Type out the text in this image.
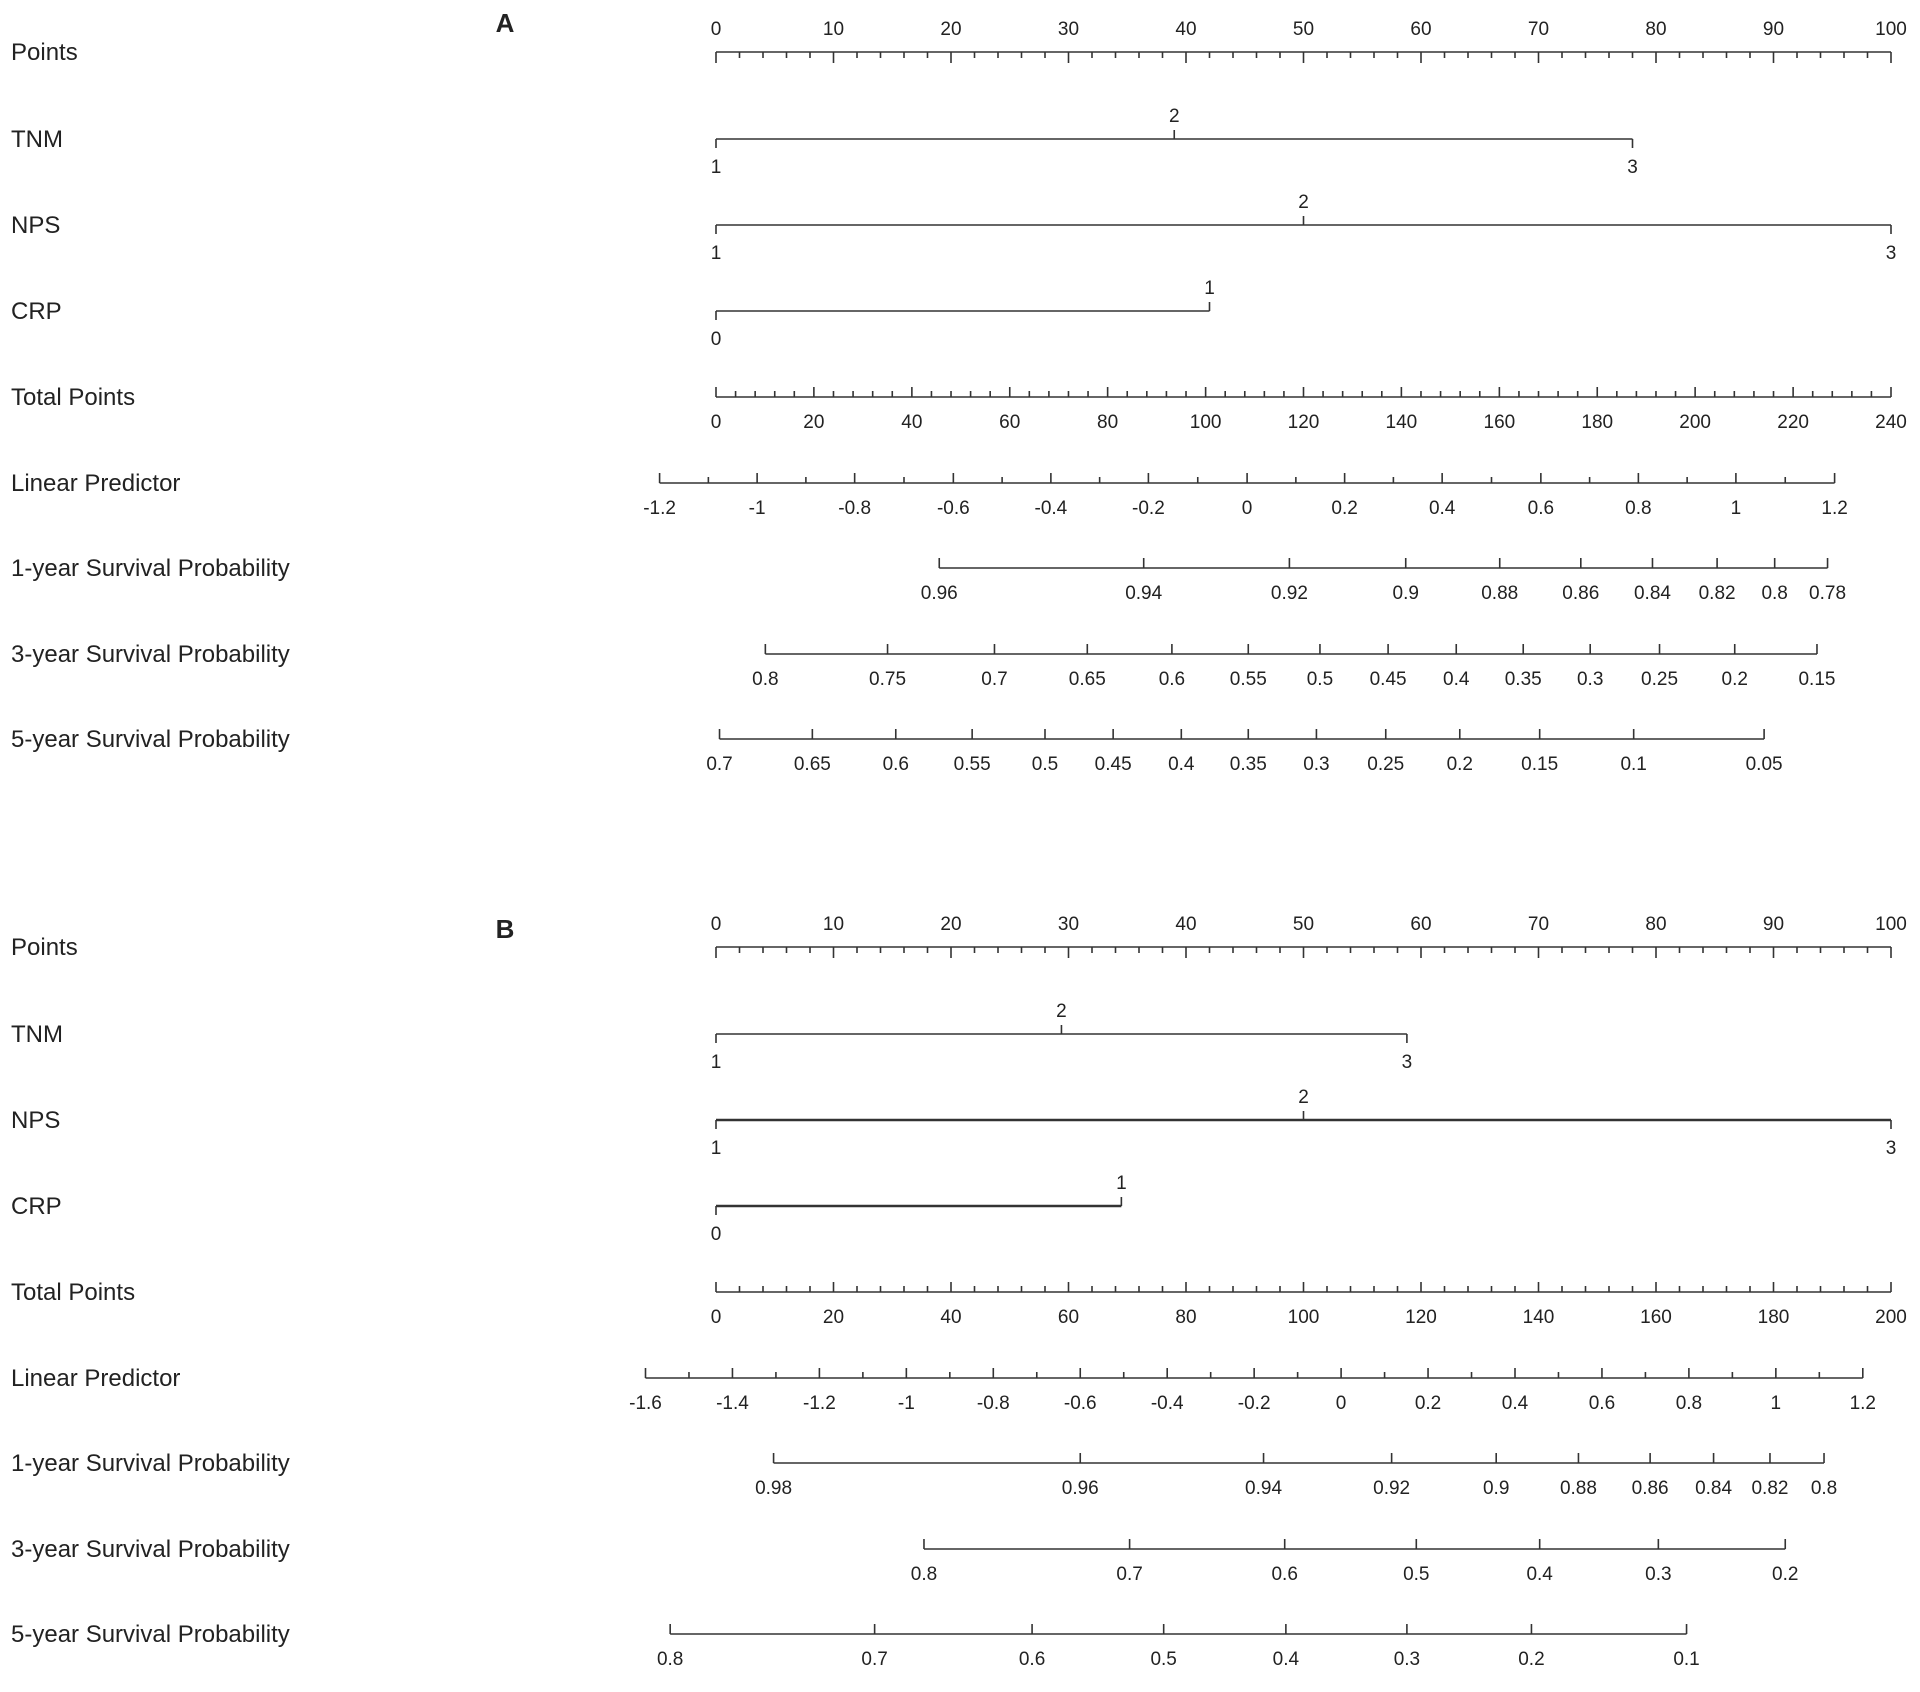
A
Points
0	10	20	30	40	50	60	70	80	90	100
TNM
1
2
3
NPS
1
2
3
CRP
0
1
Total Points
0	20	40	60	80	100	120	140	160	180	200	220	240
Linear Predictor
-1.2	-1	-0.8	-0.6	-0.4	-0.2	0	0.2	0.4	0.6	0.8	1	1.2
1-year Survival Probability
0.96	0.94	0.92	0.9	0.88 0.86 0.84 0.82 0.8 0.78
3-year Survival Probability
0.8	0.75	0.7	0.65	0.6 0.55 0.5 0.45 0.4 0.35 0.3 0.25 0.2	0.15
5-year Survival Probability
0.7	0.65	0.6 0.55 0.5 0.45 0.4 0.35 0.3 0.25 0.2	0.15	0.1	0.05
B
Points
0	10	20	30	40	50	60	70	80	90	100
TNM
1
2
3
NPS
1
2
3
CRP
0
1
Total Points
0	20	40	60	80	100	120	140	160	180	200
Linear Predictor
-1.6	-1.4	-1.2	-1	-0.8	-0.6	-0.4	-0.2	0	0.2	0.4	0.6	0.8	1	1.2
1-year Survival Probability
0.98	0.96	0.94	0.92	0.9	0.88 0.86 0.84 0.82 0.8
3-year Survival Probability
0.8	0.7	0.6	0.5	0.4	0.3	0.2
5-year Survival Probability
0.8	0.7	0.6	0.5	0.4	0.3	0.2	0.1
